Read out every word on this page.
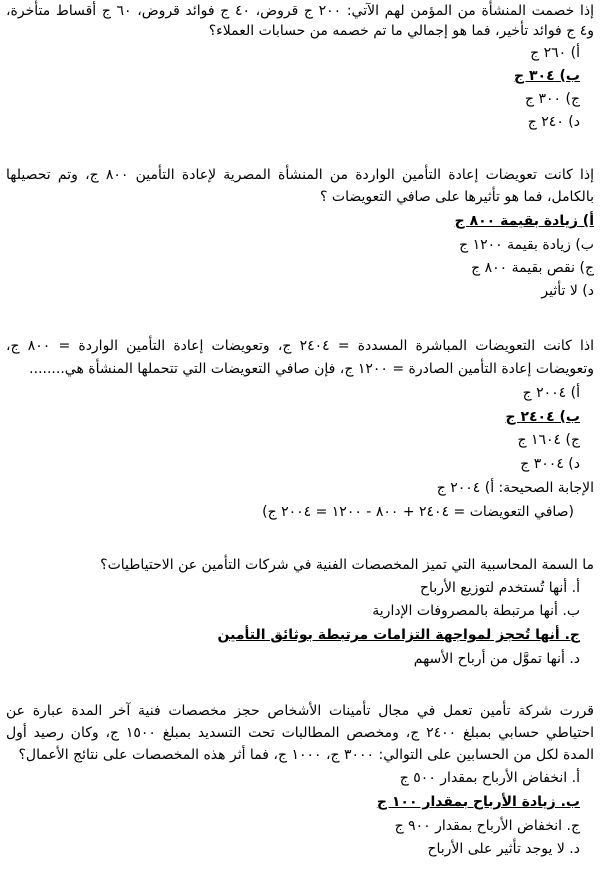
إذا خصمت المنشأة من المؤمن لهم الآتي: ٢٠٠ ج قروض، ٤٠ ج فوائد قروض، ٦٠ ج أقساط متأخرة،
و٤ ج فوائد تأخير، فما هو إجمالي ما تم خصمه من حسابات العملاء؟
أ) ٢٦٠ ج
ب) ٣٠٤ ج
ج) ٣٠٠ ج
د) ٢٤٠ ج
إذا كانت تعويضات إعادة التأمين الواردة من المنشأة المصرية لإعادة التأمين ٨٠٠ ج، وتم تحصيلها
بالكامل، فما هو تأثيرها على صافي التعويضات ؟
أ) زيادة بقيمة ٨٠٠ ج
ب) زيادة بقيمة ١٢٠٠ ج
ج) نقص بقيمة ٨٠٠ ج
د) لا تأثير
اذا كانت التعويضات المباشرة المسددة = ٢٤٠٤ ج، وتعويضات إعادة التأمين الواردة = ٨٠٠ ج،
وتعويضات إعادة التأمين الصادرة = ١٢٠٠ ج، فإن صافي التعويضات التي تتحملها المنشأة هي........
أ) ٢٠٠٤ ج
ب) ٢٤٠٤ ج
ج) ١٦٠٤ ج
د) ٣٠٠٤ ج
الإجابة الصحيحة: أ) ٢٠٠٤ ج
(صافي التعويضات = ٢٤٠٤ + ٨٠٠ - ١٢٠٠ = ٢٠٠٤ ج)
ما السمة المحاسبية التي تميز المخصصات الفنية في شركات التأمين عن الاحتياطيات؟
أ. أنها تُستخدم لتوزيع الأرباح
ب. أنها مرتبطة بالمصروفات الإدارية
ج. أنها تُحجز لمواجهة التزامات مرتبطة بوثائق التأمين
د. أنها تموَّل من أرباح الأسهم
قررت شركة تأمين تعمل في مجال تأمينات الأشخاص حجز مخصصات فنية آخر المدة عبارة عن
احتياطي حسابي بمبلغ ٢٤٠٠ ج، ومخصص المطالبات تحت التسديد بمبلغ ١٥٠٠ ج، وكان رصيد أول
المدة لكل من الحسابين على التوالي: ٣٠٠٠ ج، ١٠٠٠ ج، فما أثر هذه المخصصات على نتائج الأعمال؟
أ. انخفاض الأرباح بمقدار ٥٠٠ ج
ب. زيادة الأرباح بمقدار ١٠٠ ج
ج. انخفاض الأرباح بمقدار ٩٠٠ ج
د. لا يوجد تأثير على الأرباح
